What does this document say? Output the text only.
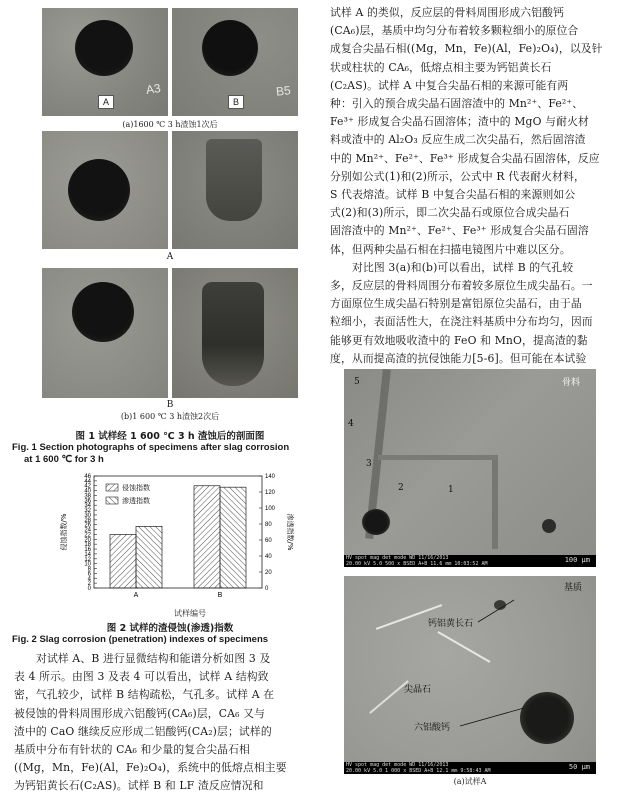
A3	B5
A	B
(a)1600 ℃ 3 h渣蚀1次后
A
B
(b)1 600 ℃ 3 h渣蚀2次后
图 1 试样经 1 600 ℃ 3 h 渣蚀后的剖面图
Fig. 1 Section photographs of specimens after slag corrosion
at 1 600 ℃ for 3 h
0
2
4
6
8
10
12
14
16
18
20
22
24
26
28
30
32
34
36
38
40
42
44
46
0
20
40
60
80
100
120
140
A	B
侵蚀指数
渗透指数
侵蚀指数/%	渗透指数/%
试样编号
图 2 试样的渣侵蚀(渗透)指数
Fig. 2 Slag corrosion (penetration) indexes of specimens
对试样 A、B 进行显微结构和能谱分析如图 3 及
表 4 所示。由图 3 及表 4 可以看出，试样 A 结构致
密，气孔较少，试样 B 结构疏松，气孔多。试样 A 在
被侵蚀的骨料周围形成六铝酸钙(CA₆)层，CA₆ 又与
渣中的 CaO 继续反应形成二铝酸钙(CA₂)层；试样的
基质中分布有针状的 CA₆ 和少量的复合尖晶石相
((Mg，Mn，Fe)(Al，Fe)₂O₄)，系统中的低熔点相主要
为钙铝黄长石(C₂AS)。试样 B 和 LF 渣反应情况和
试样 A 的类似，反应层的骨料周围形成六铝酸钙
(CA₆)层，基质中均匀分布着较多颗粒细小的原位合
成复合尖晶石相((Mg，Mn，Fe)(Al，Fe)₂O₄)，以及针
状或柱状的 CA₆，低熔点相主要为钙铝黄长石
(C₂AS)。试样 A 中复合尖晶石相的来源可能有两
种：引入的预合成尖晶石固溶渣中的 Mn²⁺、Fe²⁺、
Fe³⁺ 形成复合尖晶石固溶体；渣中的 MgO 与耐火材
料或渣中的 Al₂O₃ 反应生成二次尖晶石，然后固溶渣
中的 Mn²⁺、Fe²⁺、Fe³⁺ 形成复合尖晶石固溶体，反应
分别如公式(1)和(2)所示，公式中 R 代表耐火材料，
S 代表熔渣。试样 B 中复合尖晶石相的来源则如公
式(2)和(3)所示，即二次尖晶石或原位合成尖晶石
固溶渣中的 Mn²⁺、Fe²⁺、Fe³⁺ 形成复合尖晶石固溶
体，但两种尖晶石相在扫描电镜图片中难以区分。
对比图 3(a)和(b)可以看出，试样 B 的气孔较
多，反应层的骨料周围分布着较多原位生成尖晶石。一
方面原位生成尖晶石特别是富铝原位尖晶石，由于晶
粒细小，表面活性大，在浇注料基质中分布均匀，因而
能够更有效地吸收渣中的 FeO 和 MnO，提高渣的黏
度，从而提高渣的抗侵蚀能力[5-6]。但可能在本试验
5
4
3
2	1
骨料
HV spot mag det mode WD 11/16/2013
20.00 kV 5.0 500 x BSED A+B 11.6 mm 10:03:52 AM	100 μm
基质
钙铝黄长石
尖晶石
六铝酸钙
HV spot mag det mode WD 11/16/2013
20.00 kV 5.0 1 000 x BSED A+B 12.1 mm 9:58:43 AM	50 μm
(a)试样A
